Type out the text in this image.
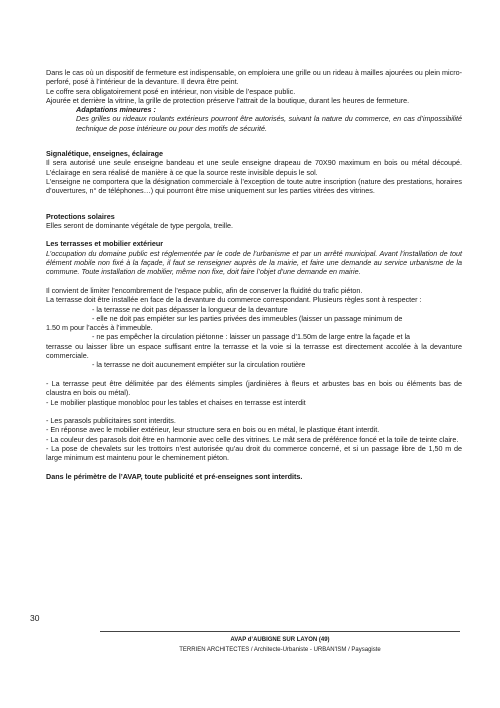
Dans le cas où un dispositif de fermeture est indispensable, on emploiera une grille ou un rideau à mailles ajourées ou plein micro-perforé, posé à l’intérieur de la devanture. Il devra être peint.

Le coffre sera obligatoirement posé en intérieur, non visible de l’espace public.

Ajourée et derrière la vitrine, la grille de protection préserve l’attrait de la boutique, durant les heures de fermeture.

Adaptations mineures :

Des grilles ou rideaux roulants extérieurs pourront être autorisés, suivant la nature du commerce, en cas d’impossibilité technique de pose intérieure ou pour des motifs de sécurité.

Signalétique, enseignes, éclairage

Il sera autorisé une seule enseigne bandeau et une seule enseigne drapeau de 70X90 maximum en bois ou métal découpé. L’éclairage en sera réalisé de manière à ce que la source reste invisible depuis le sol.

L’enseigne ne comportera que la désignation commerciale à l’exception de toute autre inscription (nature des prestations, horaires d’ouvertures, n° de téléphones…) qui pourront être mise uniquement sur les parties vitrées des vitrines.

Protections solaires

Elles seront de dominante végétale de type pergola, treille.

Les terrasses et mobilier extérieur

L’occupation du domaine public est réglementée par le code de l’urbanisme et par un arrêté municipal. Avant l’installation de tout élément mobile non fixé à la façade, il faut se renseigner auprès de la mairie, et faire une demande au service urbanisme de la commune. Toute installation de mobilier, même non fixe, doit faire l’objet d’une demande en mairie.

Il convient de limiter l’encombrement de l’espace public, afin de conserver la fluidité du trafic piéton.

La terrasse doit être installée en face de la devanture du commerce correspondant. Plusieurs règles sont à respecter :

- la terrasse ne doit pas dépasser la longueur de la devanture

- elle ne doit pas empiéter sur les parties privées des immeubles (laisser un passage minimum de

1.50 m pour l’accès à l’immeuble.

- ne pas empêcher la circulation piétonne : laisser un passage d’1.50m de large entre la façade et la

terrasse ou laisser libre un espace suffisant entre la terrasse et la voie si la terrasse est directement accolée à la devanture commerciale.

- la terrasse ne doit aucunement empiéter sur la circulation routière

- La terrasse peut être délimitée par des éléments simples (jardinières à fleurs et arbustes bas en bois ou éléments bas de claustra en bois ou métal).

- Le mobilier plastique monobloc pour les tables et chaises en terrasse est interdit

- Les parasols publicitaires sont interdits.

- En réponse avec le mobilier extérieur, leur structure sera en bois ou en métal, le plastique étant interdit.

- La couleur des parasols doit être en harmonie avec celle des vitrines. Le mât sera de préférence foncé et la toile de teinte claire.

- La pose de chevalets sur les trottoirs n’est autorisée qu’au droit du commerce concerné, et si un passage libre de 1,50 m de large minimum est maintenu pour le cheminement piéton.

Dans le périmètre de l’AVAP, toute publicité et pré-enseignes sont interdits.

30
AVAP d’AUBIGNE SUR LAYON (49)
TERRIEN ARCHITECTES / Architecte-Urbaniste - URBAN'ISM / Paysagiste
